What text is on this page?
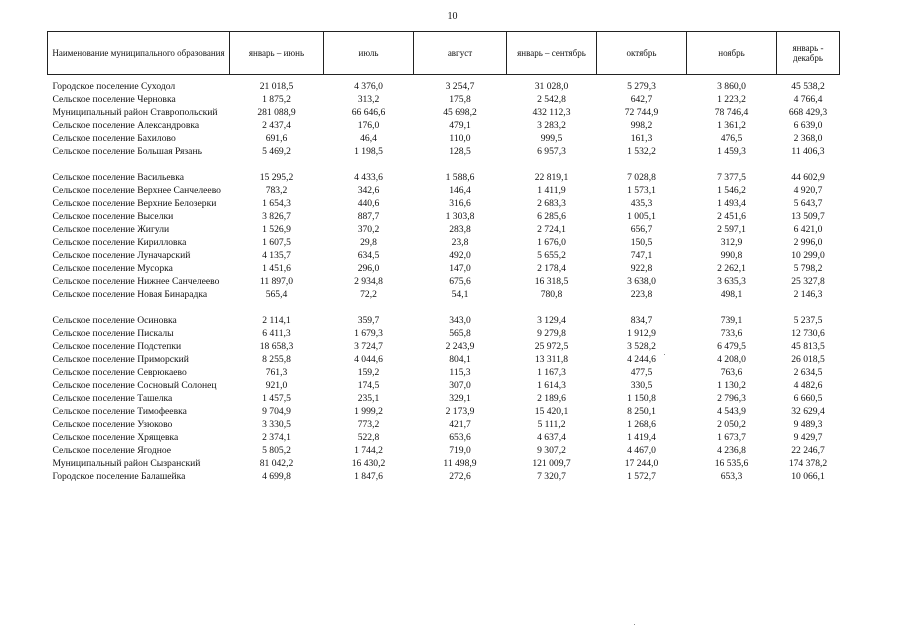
10
Наименование муниципального образования	январь – июнь	июль	август	январь – сентябрь	октябрь	ноябрь	январь - декабрь
Городское поселение Суходол	21 018,5	4 376,0	3 254,7	31 028,0	5 279,3	3 860,0	45 538,2
Сельское поселение Черновка	1 875,2	313,2	175,8	2 542,8	642,7	1 223,2	4 766,4
Муниципальный район Ставропольский	281 088,9	66 646,6	45 698,2	432 112,3	72 744,9	78 746,4	668 429,3
Сельское поселение Александровка	2 437,4	176,0	479,1	3 283,2	998,2	1 361,2	6 639,0
Сельское поселение Бахилово	691,6	46,4	110,0	999,5	161,3	476,5	2 368,0
Сельское поселение Большая Рязань	5 469,2	1 198,5	128,5	6 957,3	1 532,2	1 459,3	11 406,3
Сельское поселение Васильевка	15 295,2	4 433,6	1 588,6	22 819,1	7 028,8	7 377,5	44 602,9
Сельское поселение Верхнее Санчелеево	783,2	342,6	146,4	1 411,9	1 573,1	1 546,2	4 920,7
Сельское поселение Верхние Белозерки	1 654,3	440,6	316,6	2 683,3	435,3	1 493,4	5 643,7
Сельское поселение Выселки	3 826,7	887,7	1 303,8	6 285,6	1 005,1	2 451,6	13 509,7
Сельское поселение Жигули	1 526,9	370,2	283,8	2 724,1	656,7	2 597,1	6 421,0
Сельское поселение Кирилловка	1 607,5	29,8	23,8	1 676,0	150,5	312,9	2 996,0
Сельское поселение Луначарский	4 135,7	634,5	492,0	5 655,2	747,1	990,8	10 299,0
Сельское поселение Мусорка	1 451,6	296,0	147,0	2 178,4	922,8	2 262,1	5 798,2
Сельское поселение Нижнее Санчелеево	11 897,0	2 934,8	675,6	16 318,5	3 638,0	3 635,3	25 327,8
Сельское поселение Новая Бинарадка	565,4	72,2	54,1	780,8	223,8	498,1	2 146,3
Сельское поселение Осиновка	2 114,1	359,7	343,0	3 129,4	834,7	739,1	5 237,5
Сельское поселение Пискалы	6 411,3	1 679,3	565,8	9 279,8	1 912,9	733,6	12 730,6
Сельское поселение Подстепки	18 658,3	3 724,7	2 243,9	25 972,5	3 528,2	6 479,5	45 813,5
Сельское поселение Приморский	8 255,8	4 044,6	804,1	13 311,8	4 244,6	4 208,0	26 018,5
Сельское поселение Севрюкаево	761,3	159,2	115,3	1 167,3	477,5	763,6	2 634,5
Сельское поселение Сосновый Солонец	921,0	174,5	307,0	1 614,3	330,5	1 130,2	4 482,6
Сельское поселение Ташелка	1 457,5	235,1	329,1	2 189,6	1 150,8	2 796,3	6 660,5
Сельское поселение Тимофеевка	9 704,9	1 999,2	2 173,9	15 420,1	8 250,1	4 543,9	32 629,4
Сельское поселение Узюково	3 330,5	773,2	421,7	5 111,2	1 268,6	2 050,2	9 489,3
Сельское поселение Хрящевка	2 374,1	522,8	653,6	4 637,4	1 419,4	1 673,7	9 429,7
Сельское поселение Ягодное	5 805,2	1 744,2	719,0	9 307,2	4 467,0	4 236,8	22 246,7
Муниципальный район Сызранский	81 042,2	16 430,2	11 498,9	121 009,7	17 244,0	16 535,6	174 378,2
Городское поселение Балашейка	4 699,8	1 847,6	272,6	7 320,7	1 572,7	653,3	10 066,1
